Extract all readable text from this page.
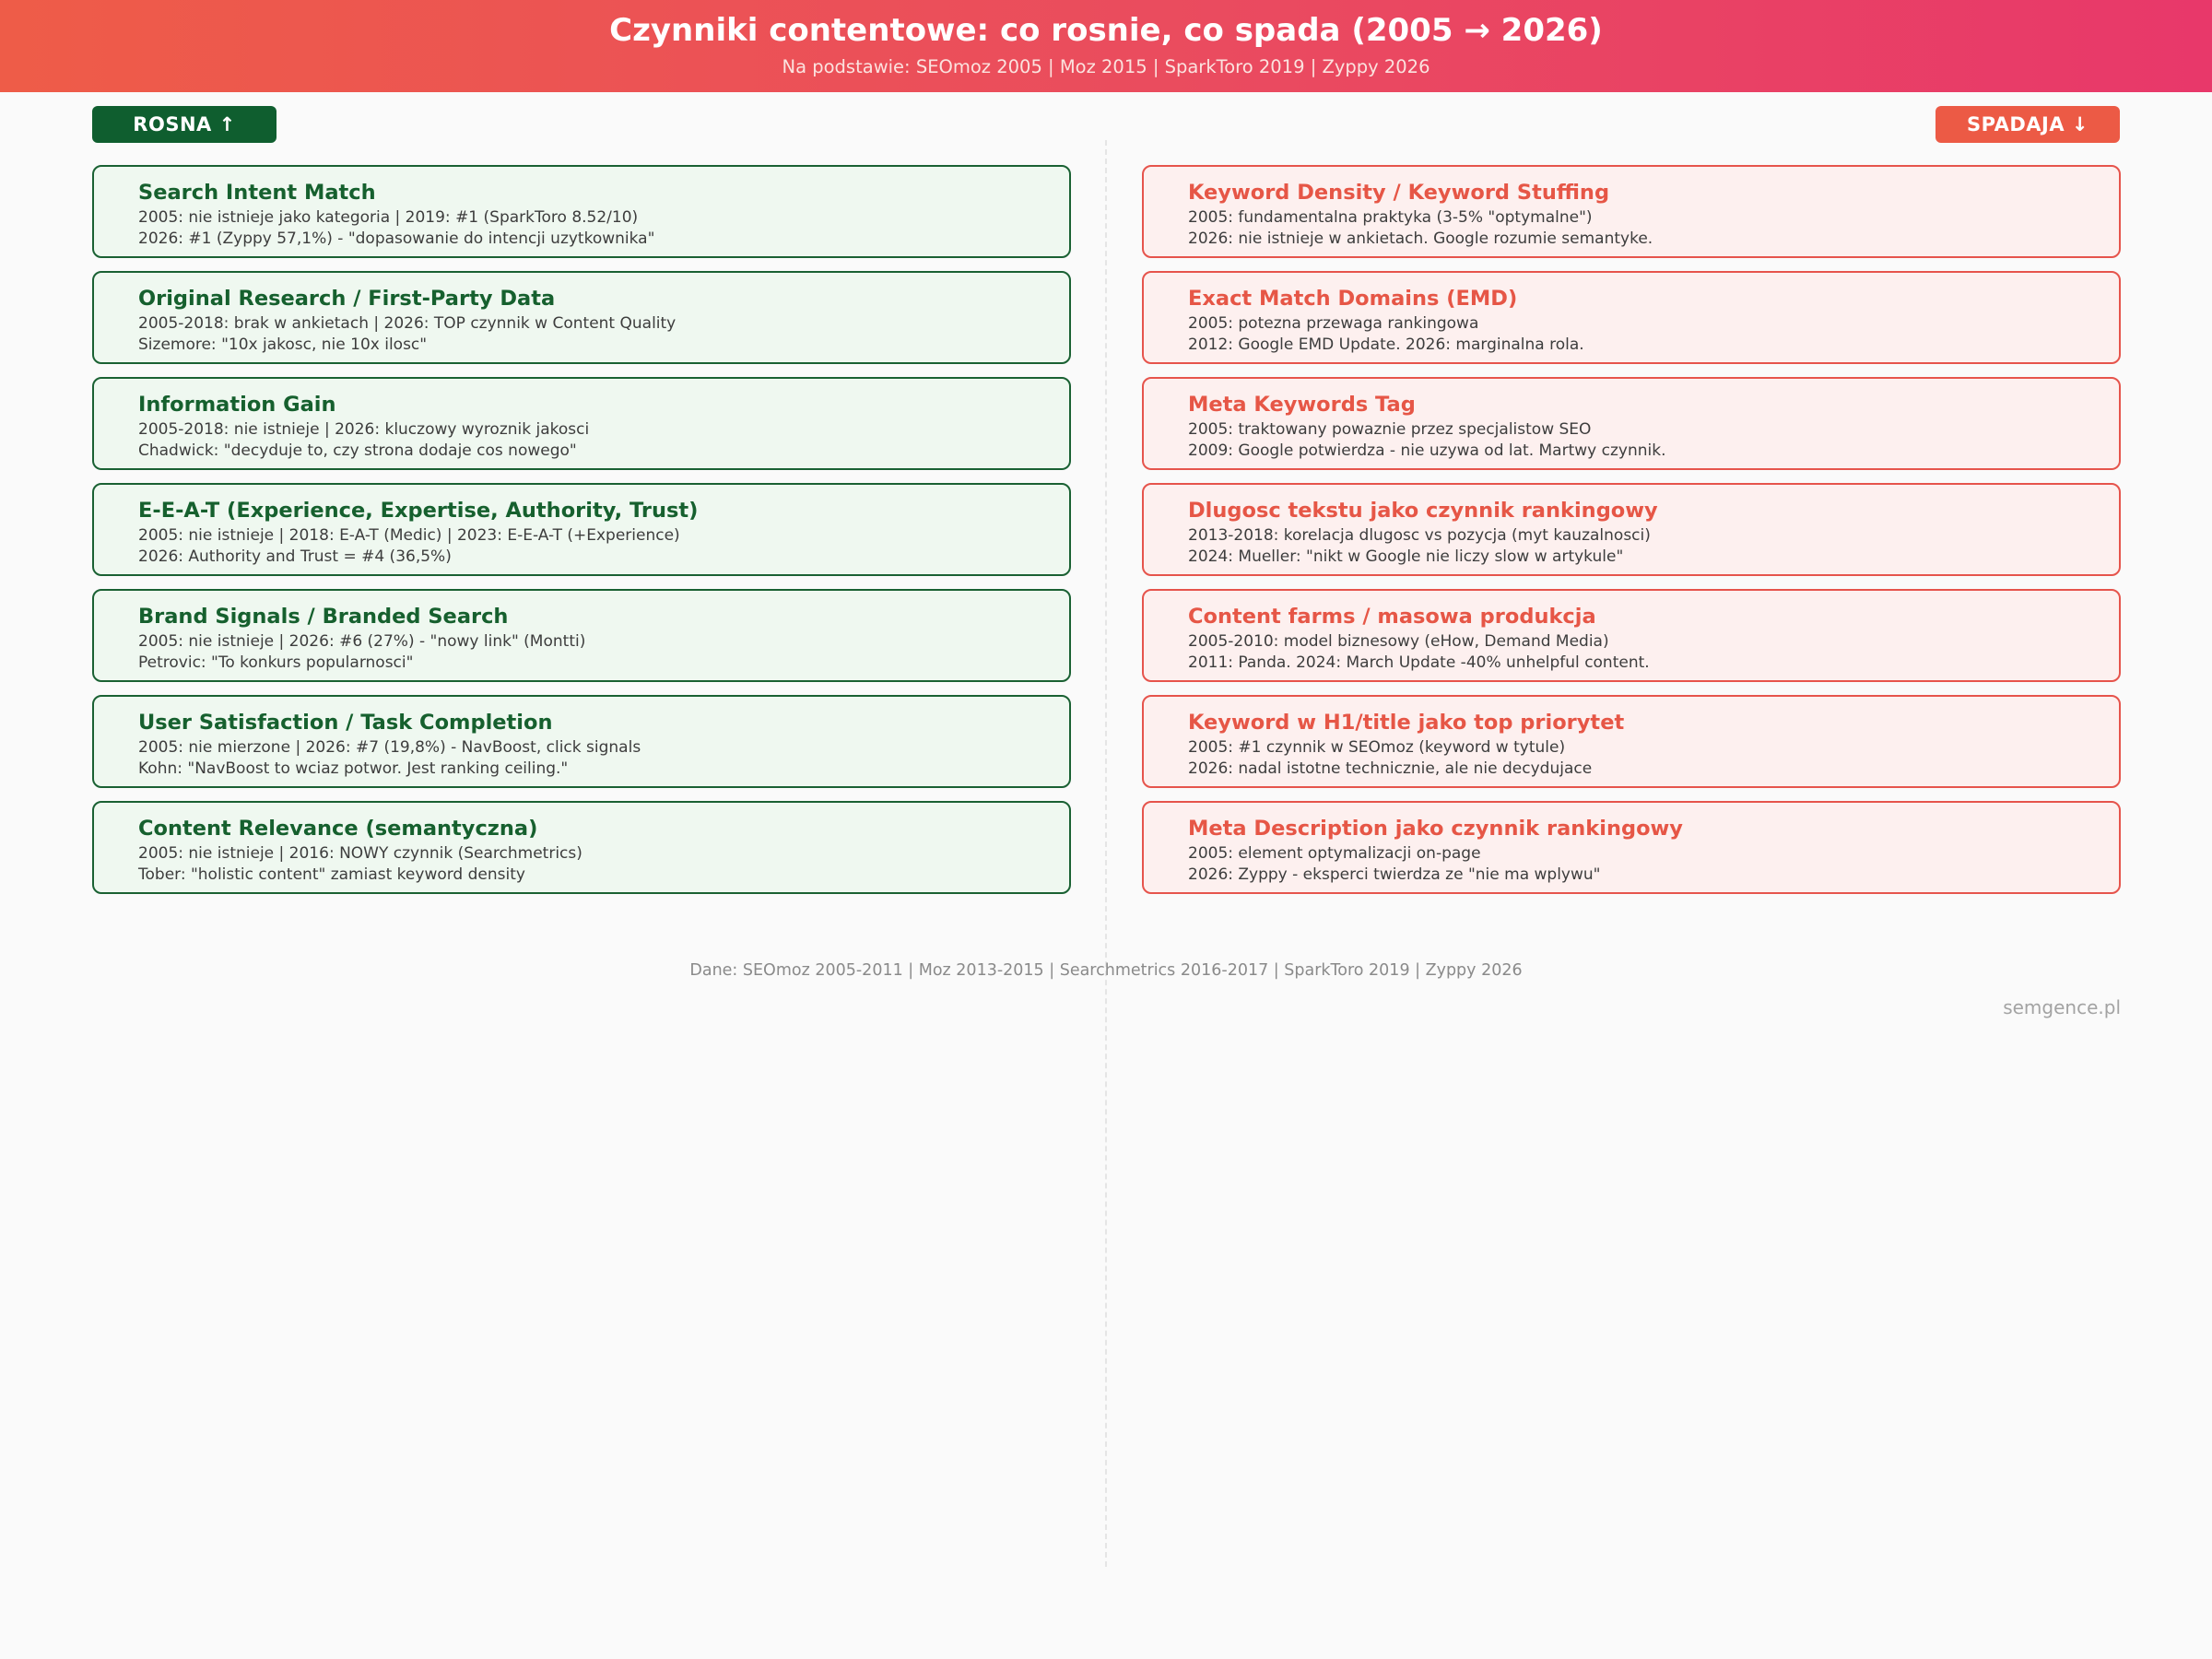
Czynniki contentowe: co rosnie, co spada (2005 → 2026)
Na podstawie: SEOmoz 2005 | Moz 2015 | SparkToro 2019 | Zyppy 2026
ROSNA ↑	SPADAJA ↓
Search Intent Match
2005: nie istnieje jako kategoria | 2019: #1 (SparkToro 8.52/10)
2026: #1 (Zyppy 57,1%) - "dopasowanie do intencji uzytkownika"
Original Research / First-Party Data
2005-2018: brak w ankietach | 2026: TOP czynnik w Content Quality
Sizemore: "10x jakosc, nie 10x ilosc"
Information Gain
2005-2018: nie istnieje | 2026: kluczowy wyroznik jakosci
Chadwick: "decyduje to, czy strona dodaje cos nowego"
E-E-A-T (Experience, Expertise, Authority, Trust)
2005: nie istnieje | 2018: E-A-T (Medic) | 2023: E-E-A-T (+Experience)
2026: Authority and Trust = #4 (36,5%)
Brand Signals / Branded Search
2005: nie istnieje | 2026: #6 (27%) - "nowy link" (Montti)
Petrovic: "To konkurs popularnosci"
User Satisfaction / Task Completion
2005: nie mierzone | 2026: #7 (19,8%) - NavBoost, click signals
Kohn: "NavBoost to wciaz potwor. Jest ranking ceiling."
Content Relevance (semantyczna)
2005: nie istnieje | 2016: NOWY czynnik (Searchmetrics)
Tober: "holistic content" zamiast keyword density
Keyword Density / Keyword Stuffing
2005: fundamentalna praktyka (3-5% "optymalne")
2026: nie istnieje w ankietach. Google rozumie semantyke.
Exact Match Domains (EMD)
2005: potezna przewaga rankingowa
2012: Google EMD Update. 2026: marginalna rola.
Meta Keywords Tag
2005: traktowany powaznie przez specjalistow SEO
2009: Google potwierdza - nie uzywa od lat. Martwy czynnik.
Dlugosc tekstu jako czynnik rankingowy
2013-2018: korelacja dlugosc vs pozycja (myt kauzalnosci)
2024: Mueller: "nikt w Google nie liczy slow w artykule"
Content farms / masowa produkcja
2005-2010: model biznesowy (eHow, Demand Media)
2011: Panda. 2024: March Update -40% unhelpful content.
Keyword w H1/title jako top priorytet
2005: #1 czynnik w SEOmoz (keyword w tytule)
2026: nadal istotne technicznie, ale nie decydujace
Meta Description jako czynnik rankingowy
2005: element optymalizacji on-page
2026: Zyppy - eksperci twierdza ze "nie ma wplywu"
Dane: SEOmoz 2005-2011 | Moz 2013-2015 | Searchmetrics 2016-2017 | SparkToro 2019 | Zyppy 2026
semgence.pl
